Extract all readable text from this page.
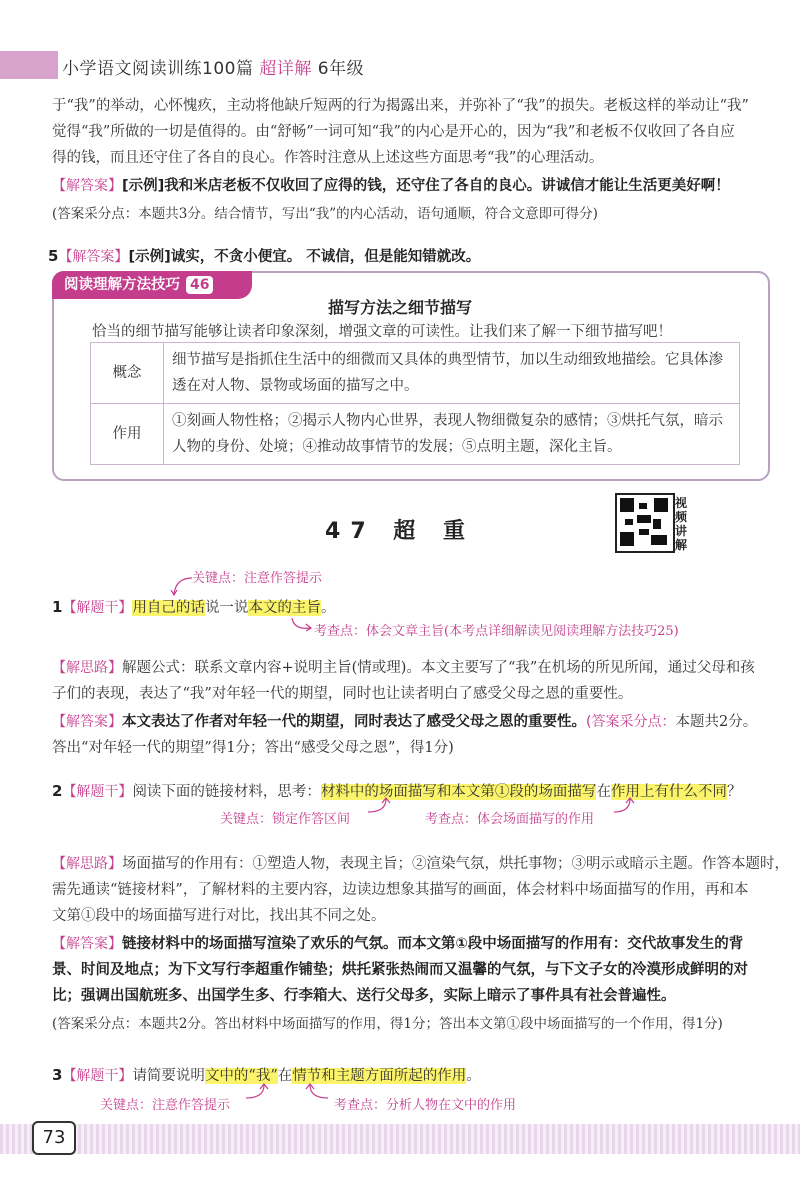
小学语文阅读训练100篇 超详解 6年级
于“我”的举动，心怀愧疚，主动将他缺斤短两的行为揭露出来，并弥补了“我”的损失。老板这样的举动让“我”
觉得“我”所做的一切是值得的。由“舒畅”一词可知“我”的内心是开心的，因为“我”和老板不仅收回了各自应
得的钱，而且还守住了各自的良心。作答时注意从上述这些方面思考“我”的心理活动。
【解答案】[示例]我和米店老板不仅收回了应得的钱，还守住了各自的良心。讲诚信才能让生活更美好啊！
(答案采分点：本题共3分。结合情节，写出“我”的内心活动，语句通顺，符合文意即可得分)
5【解答案】[示例]诚实，不贪小便宜。 不诚信，但是能知错就改。
阅读理解方法技巧 46
描写方法之细节描写
恰当的细节描写能够让读者印象深刻，增强文章的可读性。让我们来了解一下细节描写吧！
概念	细节描写是指抓住生活中的细微而又具体的典型情节，加以生动细致地描绘。它具体渗透在对人物、景物或场面的描写之中。
作用	①刻画人物性格；②揭示人物内心世界，表现人物细微复杂的感情；③烘托气氛，暗示人物的身份、处境；④推动故事情节的发展；⑤点明主题，深化主旨。
47 超 重
视
频
讲
解
关键点：注意作答提示
1【解题干】用自己的话说一说本文的主旨。
考查点：体会文章主旨(本考点详细解读见阅读理解方法技巧25)
【解思路】解题公式：联系文章内容+说明主旨(情或理)。本文主要写了“我”在机场的所见所闻，通过父母和孩
子们的表现，表达了“我”对年轻一代的期望，同时也让读者明白了感受父母之恩的重要性。
【解答案】本文表达了作者对年轻一代的期望，同时表达了感受父母之恩的重要性。(答案采分点：本题共2分。
答出“对年轻一代的期望”得1分；答出“感受父母之恩”，得1分)
2【解题干】阅读下面的链接材料，思考：材料中的场面描写和本文第①段的场面描写在作用上有什么不同？
关键点：锁定作答区间	考查点：体会场面描写的作用
【解思路】场面描写的作用有：①塑造人物，表现主旨；②渲染气氛，烘托事物；③明示或暗示主题。作答本题时，
需先通读“链接材料”，了解材料的主要内容，边读边想象其描写的画面，体会材料中场面描写的作用，再和本
文第①段中的场面描写进行对比，找出其不同之处。
【解答案】链接材料中的场面描写渲染了欢乐的气氛。而本文第①段中场面描写的作用有：交代故事发生的背
景、时间及地点；为下文写行李超重作铺垫；烘托紧张热闹而又温馨的气氛，与下文子女的冷漠形成鲜明的对
比；强调出国航班多、出国学生多、行李箱大、送行父母多，实际上暗示了事件具有社会普遍性。
(答案采分点：本题共2分。答出材料中场面描写的作用，得1分；答出本文第①段中场面描写的一个作用，得1分)
3【解题干】请简要说明文中的“我”在情节和主题方面所起的作用。
关键点：注意作答提示	考查点：分析人物在文中的作用
73
